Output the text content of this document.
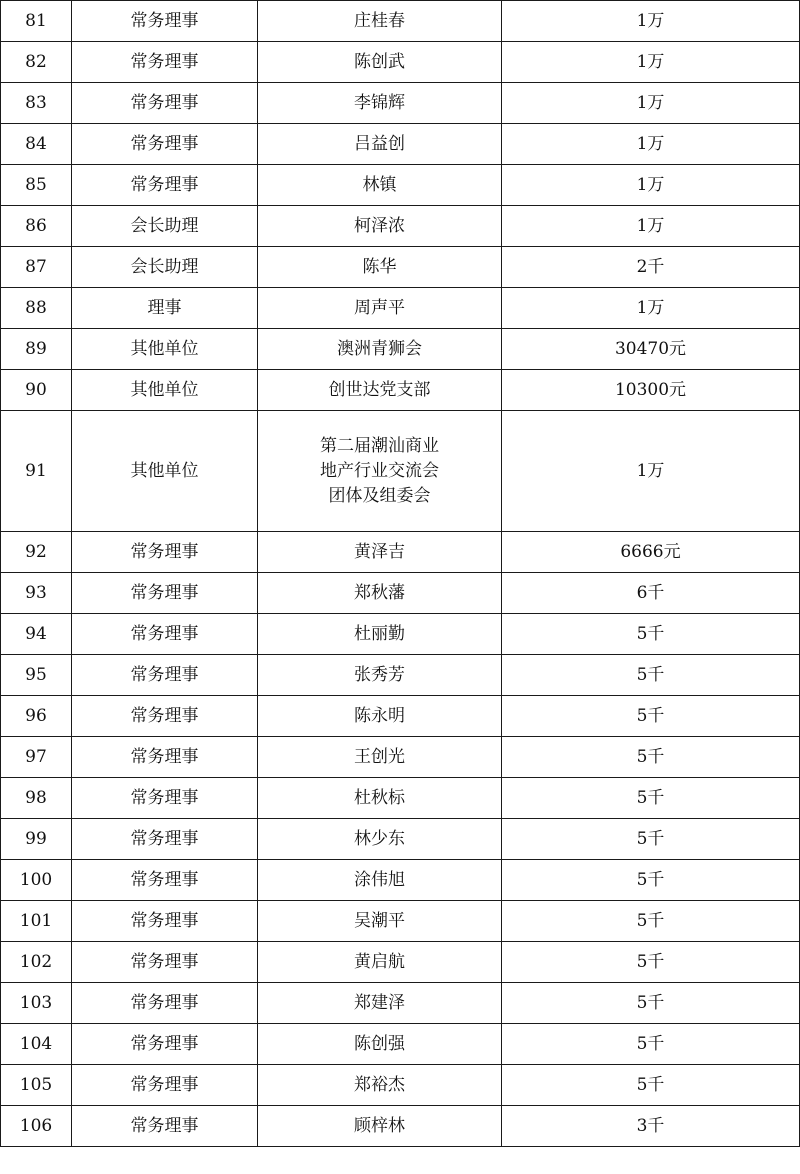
81	常务理事	庄桂春	1万
82	常务理事	陈创武	1万
83	常务理事	李锦辉	1万
84	常务理事	吕益创	1万
85	常务理事	林镇	1万
86	会长助理	柯泽浓	1万
87	会长助理	陈华	2千
88	理事	周声平	1万
89	其他单位	澳洲青狮会	30470元
90	其他单位	创世达党支部	10300元
91	其他单位	第二届潮汕商业
地产行业交流会
团体及组委会	1万
92	常务理事	黄泽吉	6666元
93	常务理事	郑秋藩	6千
94	常务理事	杜丽勤	5千
95	常务理事	张秀芳	5千
96	常务理事	陈永明	5千
97	常务理事	王创光	5千
98	常务理事	杜秋标	5千
99	常务理事	林少东	5千
100	常务理事	涂伟旭	5千
101	常务理事	吴潮平	5千
102	常务理事	黄启航	5千
103	常务理事	郑建泽	5千
104	常务理事	陈创强	5千
105	常务理事	郑裕杰	5千
106	常务理事	顾梓林	3千
